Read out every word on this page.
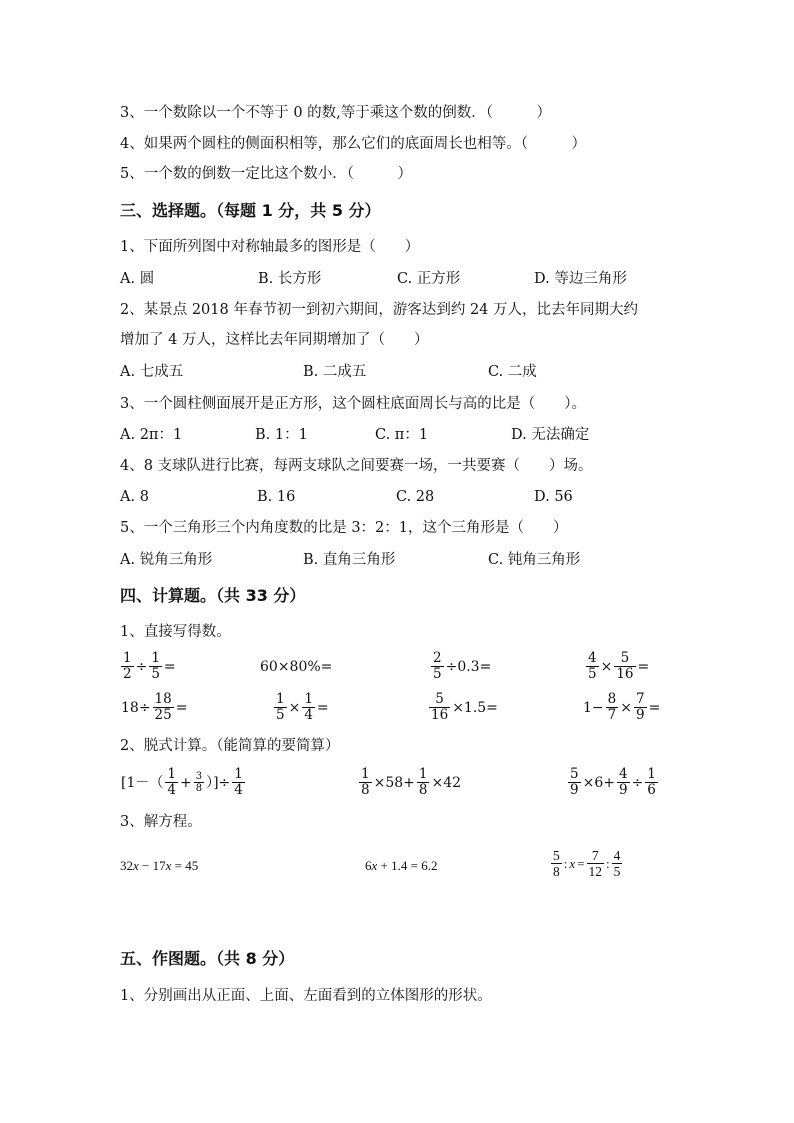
3、一个数除以一个不等于 0 的数,等于乘这个数的倒数．（　　　）
4、如果两个圆柱的侧面积相等，那么它们的底面周长也相等。（　　　）
5、一个数的倒数一定比这个数小．（　　　）
三、选择题。（每题 1 分，共 5 分）
1、下面所列图中对称轴最多的图形是（　　）
A. 圆	B. 长方形	C. 正方形	D. 等边三角形
2、某景点 2018 年春节初一到初六期间，游客达到约 24 万人，比去年同期大约
增加了 4 万人，这样比去年同期增加了（　　）
A. 七成五	B. 二成五	C. 二成
3、一个圆柱侧面展开是正方形，这个圆柱底面周长与高的比是（　　）。
A. 2π：1	B. 1：1	C. π：1	D. 无法确定
4、8 支球队进行比赛，每两支球队之间要赛一场，一共要赛（　　）场。
A. 8	B. 16	C. 28	D. 56
5、一个三角形三个内角度数的比是 3：2：1，这个三角形是（　　）
A. 锐角三角形	B. 直角三角形	C. 钝角三角形
四、计算题。（共 33 分）
1、直接写得数。
$\frac{1}{2} \div \frac{1}{5}$ =	60×80%=	$\frac{2}{5} \div 0.3=$	$\frac{4}{5} \times \frac{5}{16}$ =
$18\div \frac{18}{25}$ =	$\frac{1}{5} \times \frac{1}{4}$ =	$\frac{5}{16} \times 1.5=$	$1- \frac{8}{7} \times \frac{7}{9}$ =
2、脱式计算。（能简算的要简算）
[$1-( \frac{1}{4} + \frac{3}{8}$ ）]÷ $\frac{1}{4}$	$\frac{1}{8} \times 58+ \frac{1}{8} \times 42$	$\frac{5}{9} \times 6+ \frac{4}{9} \div \frac{1}{6}$
3、解方程。
32x − 17x = 45	6x + 1.4 = 6.2	$\frac{5}{8}$ :x= $\frac{7}{12}$ : $\frac{4}{5}$
五、作图题。（共 8 分）
1、分别画出从正面、上面、左面看到的立体图形的形状。
